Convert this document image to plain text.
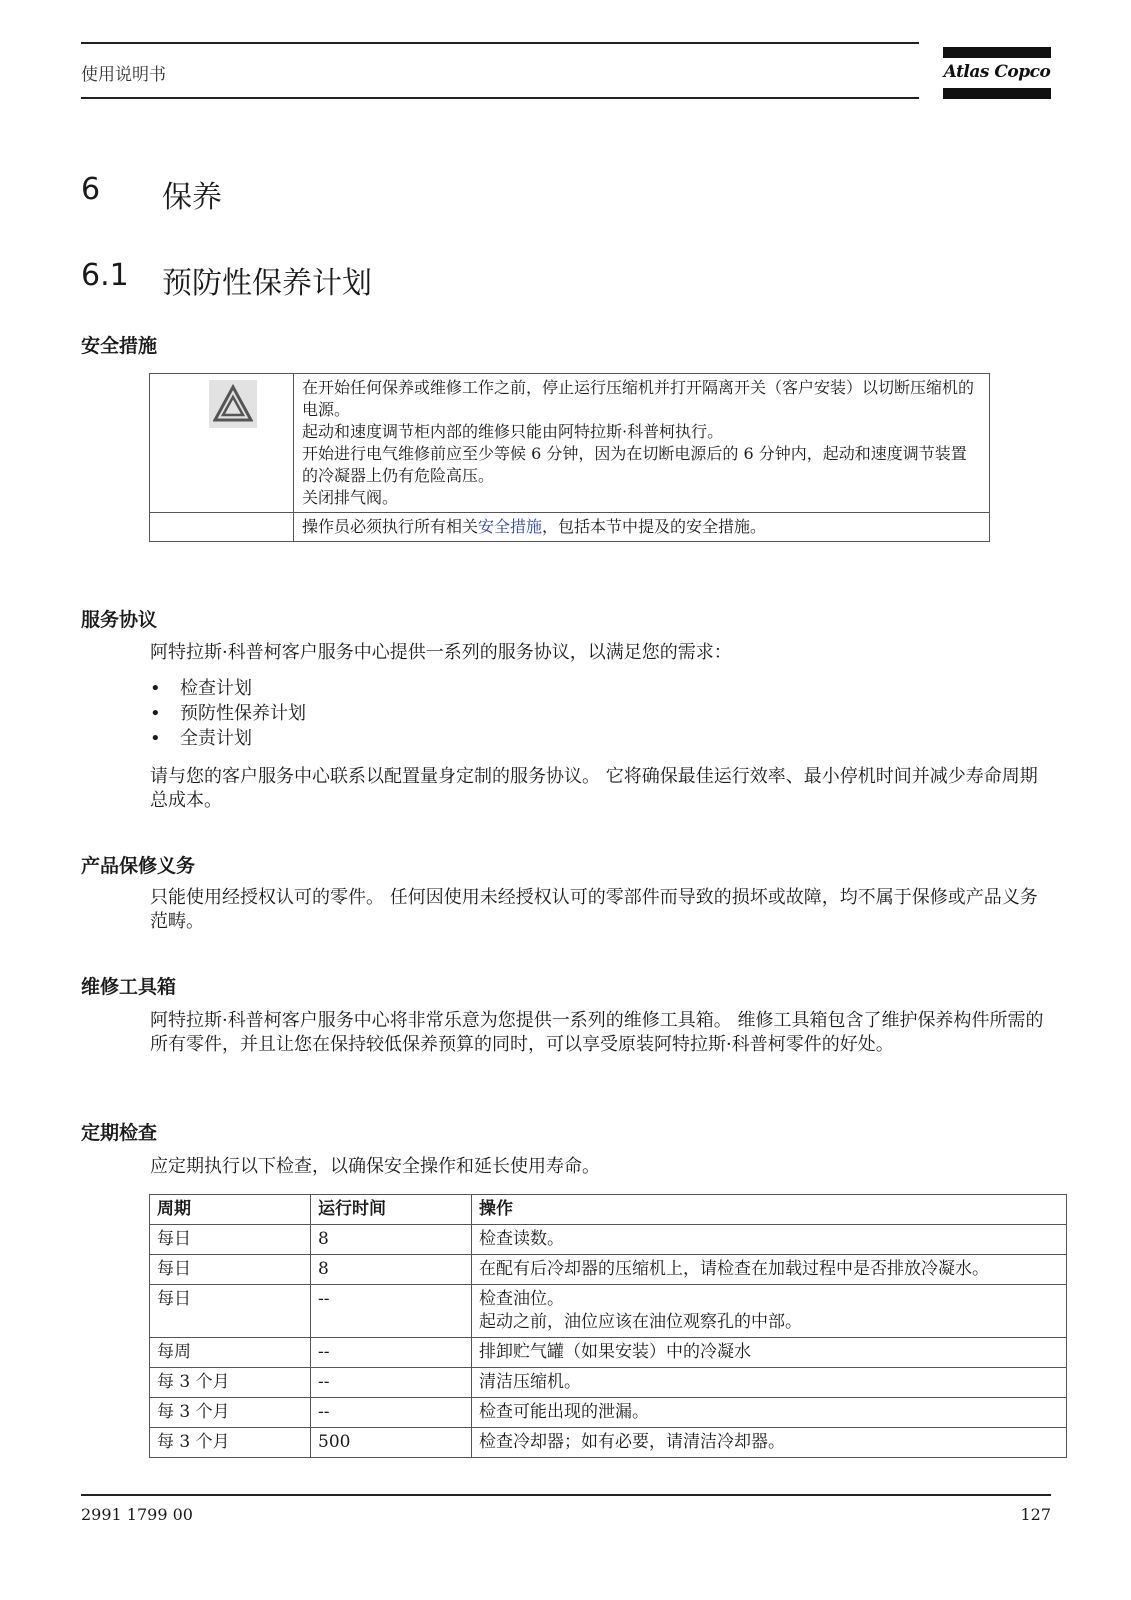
使用说明书	Atlas Copco
6 保养
6.1 预防性保养计划
安全措施

在开始任何保养或维修工作之前，停止运行压缩机并打开隔离开关（客户安装）以切断压缩机的电源。
起动和速度调节柜内部的维修只能由阿特拉斯·科普柯执行。
开始进行电气维修前应至少等候 6 分钟，因为在切断电源后的 6 分钟内，起动和速度调节装置的冷凝器上仍有危险高压。
关闭排气阀。

	操作员必须执行所有相关安全措施，包括本节中提及的安全措施。
服务协议
阿特拉斯·科普柯客户服务中心提供一系列的服务协议，以满足您的需求：
• 检查计划
• 预防性保养计划
• 全责计划
请与您的客户服务中心联系以配置量身定制的服务协议。 它将确保最佳运行效率、最小停机时间并减少寿命周期总成本。
产品保修义务
只能使用经授权认可的零件。 任何因使用未经授权认可的零部件而导致的损坏或故障，均不属于保修或产品义务范畴。
维修工具箱
阿特拉斯·科普柯客户服务中心将非常乐意为您提供一系列的维修工具箱。 维修工具箱包含了维护保养构件所需的所有零件，并且让您在保持较低保养预算的同时，可以享受原装阿特拉斯·科普柯零件的好处。
定期检查
应定期执行以下检查，以确保安全操作和延长使用寿命。
周期	运行时间	操作

每日	8	检查读数。

每日	8	在配有后冷却器的压缩机上，请检查在加载过程中是否排放冷凝水。

每日	--	检查油位。
起动之前，油位应该在油位观察孔的中部。

每周	--	排卸贮气罐（如果安装）中的冷凝水

每 3 个月	--	清洁压缩机。

每 3 个月	--	检查可能出现的泄漏。

每 3 个月	500	检查冷却器；如有必要，请清洁冷却器。
2991 1799 00	127
